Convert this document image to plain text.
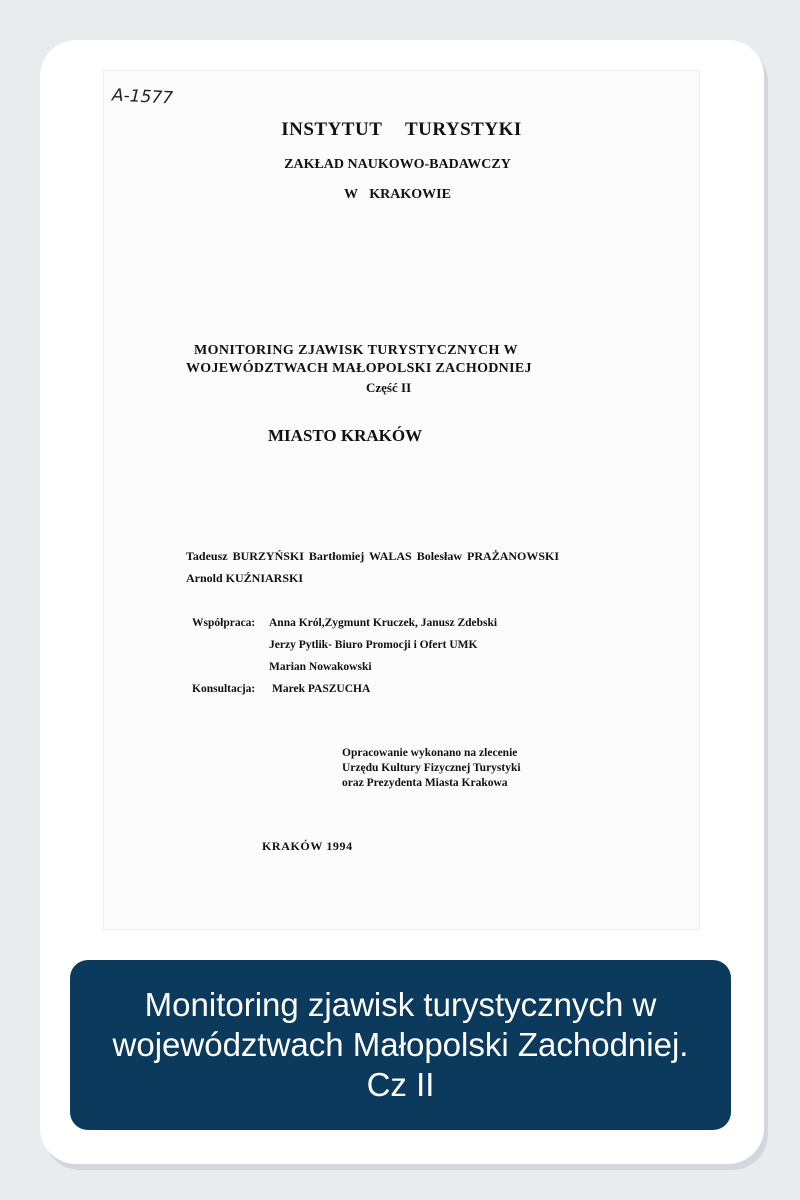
A-1577
INSTYTUT TURYSTYKI
ZAKŁAD NAUKOWO-BADAWCZY
W KRAKOWIE
MONITORING ZJAWISK TURYSTYCZNYCH W
WOJEWÓDZTWACH MAŁOPOLSKI ZACHODNIEJ
Część II
MIASTO KRAKÓW
Tadeusz BURZYŃSKI Bartłomiej WALAS Bolesław PRAŻANOWSKI
Arnold KUŹNIARSKI
Współpraca: Anna Król,Zygmunt Kruczek, Janusz Zdebski
Jerzy Pytlik- Biuro Promocji i Ofert UMK
Marian Nowakowski
Konsultacja: Marek PASZUCHA
Opracowanie wykonano na zlecenie
Urzędu Kultury Fizycznej Turystyki
oraz Prezydenta Miasta Krakowa
KRAKÓW 1994
Monitoring zjawisk turystycznych w województwach Małopolski Zachodniej. Cz II
